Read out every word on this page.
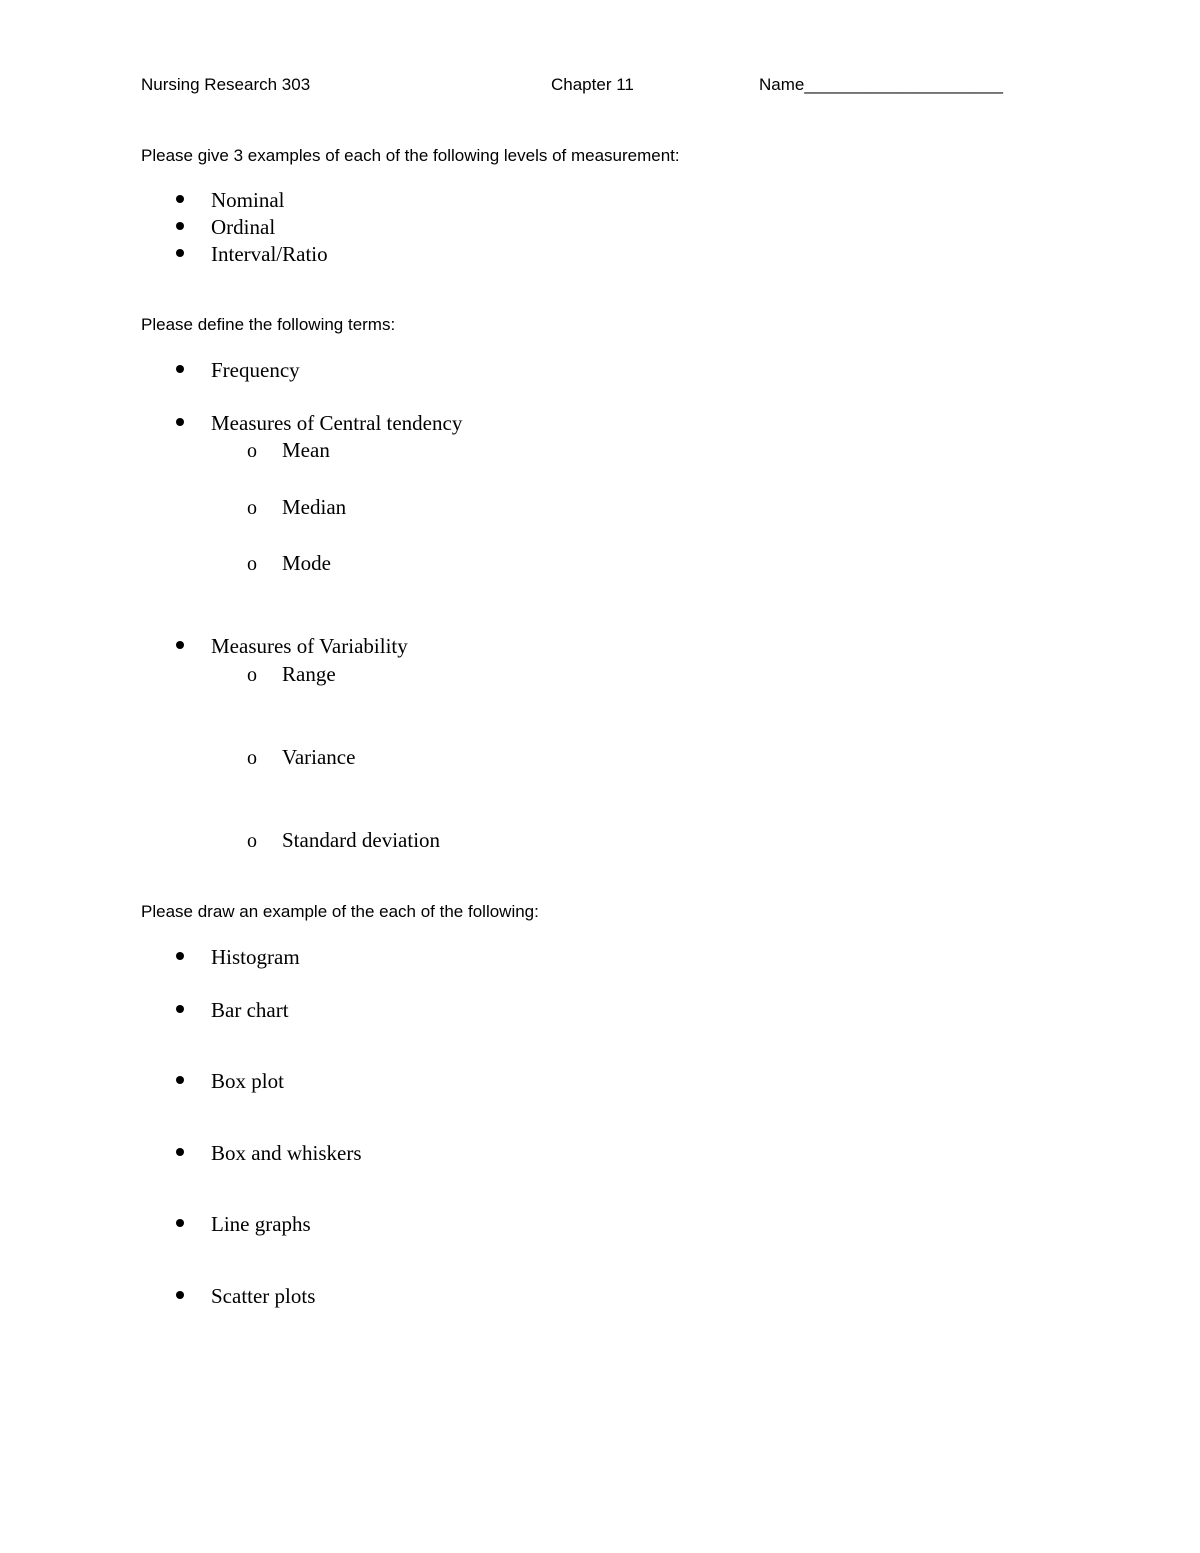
Nursing Research 303	Chapter 11	Name_____________________
Please give 3 examples of each of the following levels of measurement:
Nominal
Ordinal
Interval/Ratio
Please define the following terms:
Frequency
Measures of Central tendency
o Mean
o Median
o Mode
Measures of Variability
o Range
o Variance
o Standard deviation
Please draw an example of the each of the following:
Histogram
Bar chart
Box plot
Box and whiskers
Line graphs
Scatter plots
